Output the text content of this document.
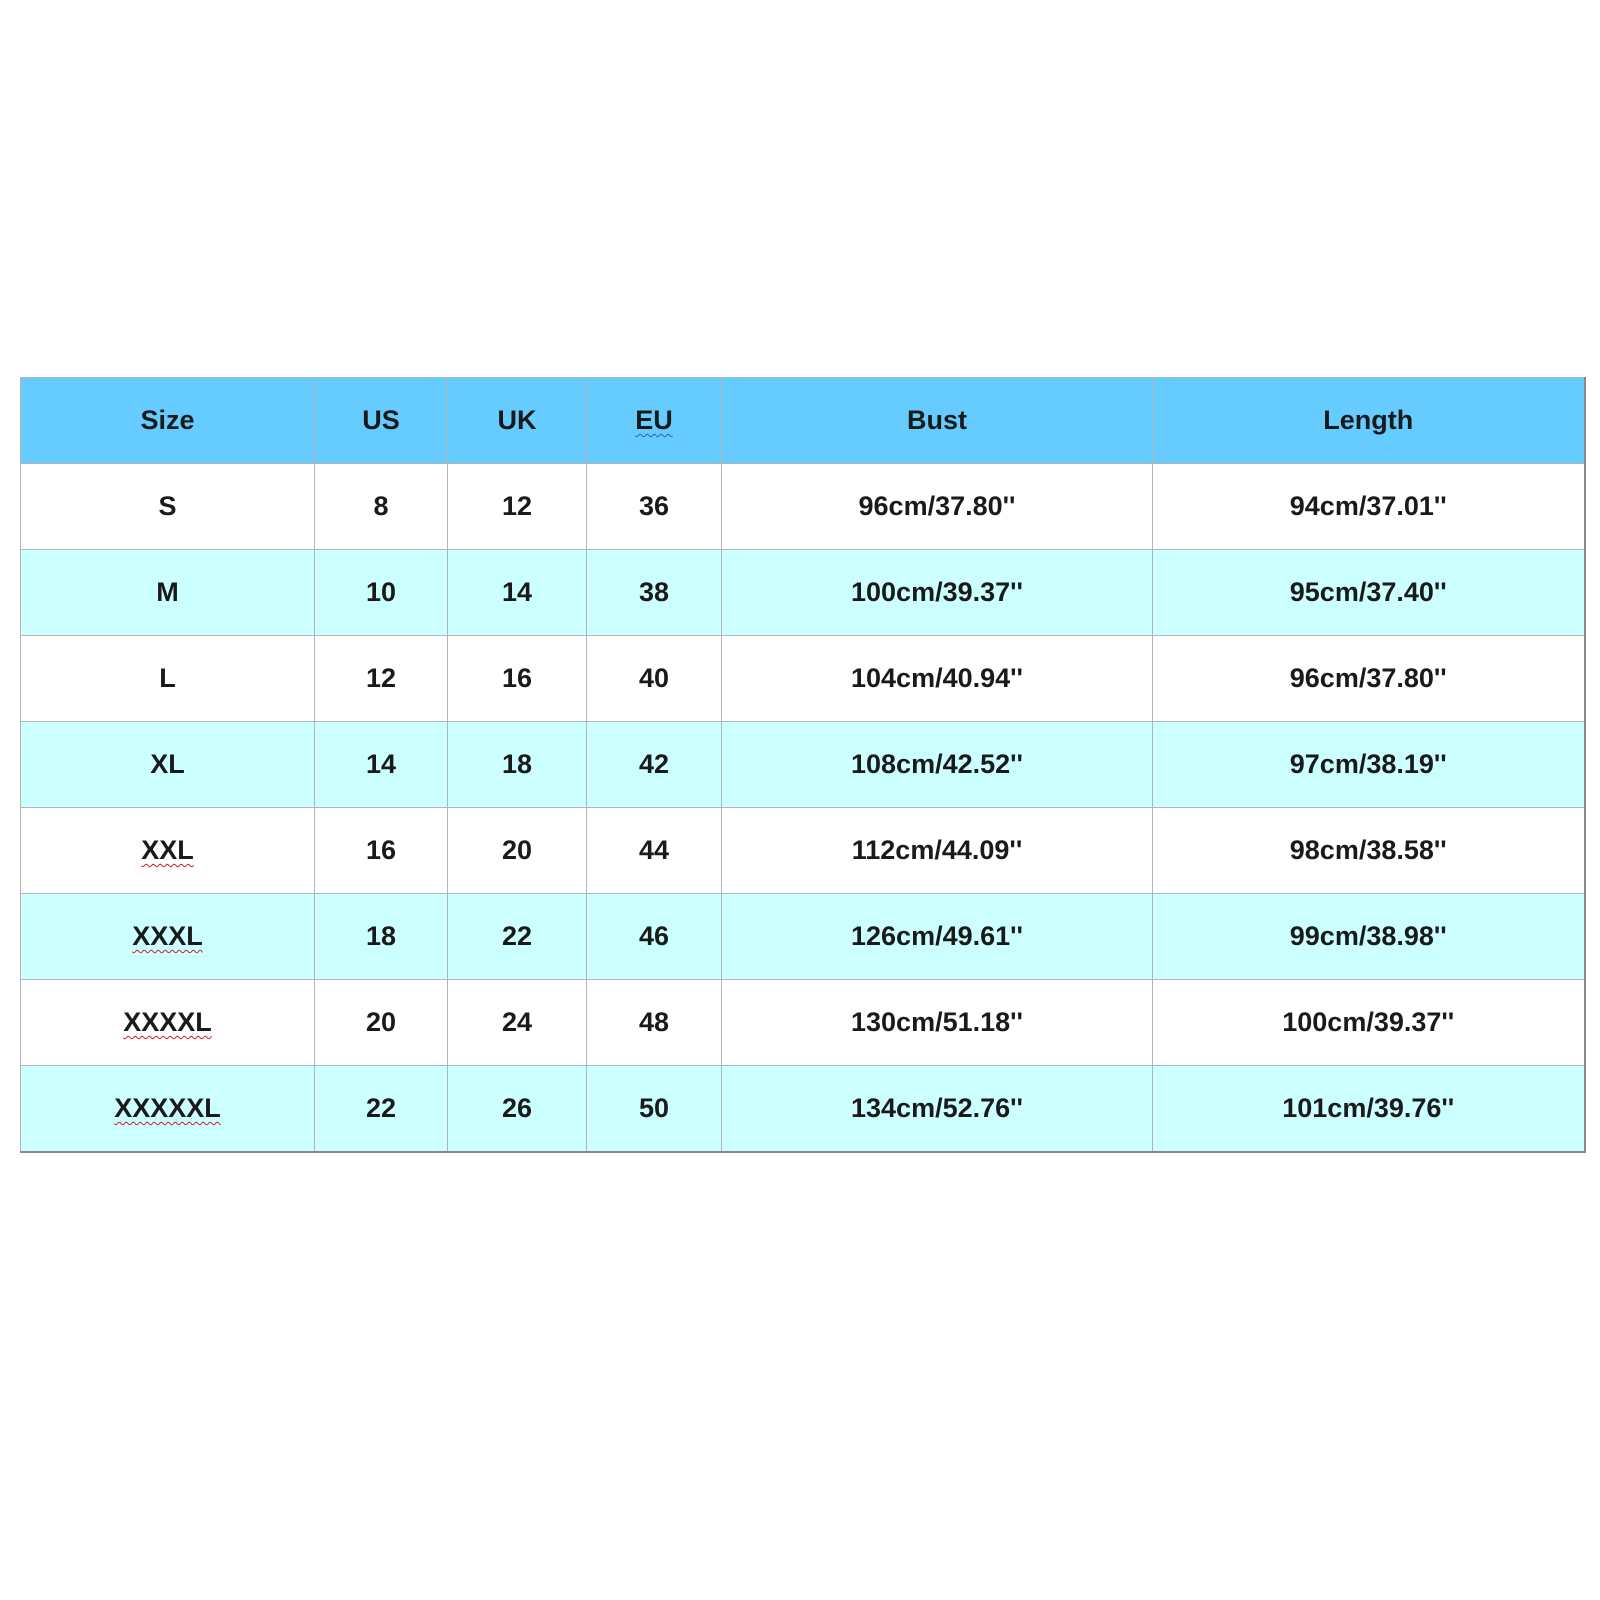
Size	US	UK	EU	Bust	Length
S	8	12	36	96cm/37.80''	94cm/37.01''
M	10	14	38	100cm/39.37''	95cm/37.40''
L	12	16	40	104cm/40.94''	96cm/37.80''
XL	14	18	42	108cm/42.52''	97cm/38.19''
XXL	16	20	44	112cm/44.09''	98cm/38.58''
XXXL	18	22	46	126cm/49.61''	99cm/38.98''
XXXXL	20	24	48	130cm/51.18''	100cm/39.37''
XXXXXL	22	26	50	134cm/52.76''	101cm/39.76''
